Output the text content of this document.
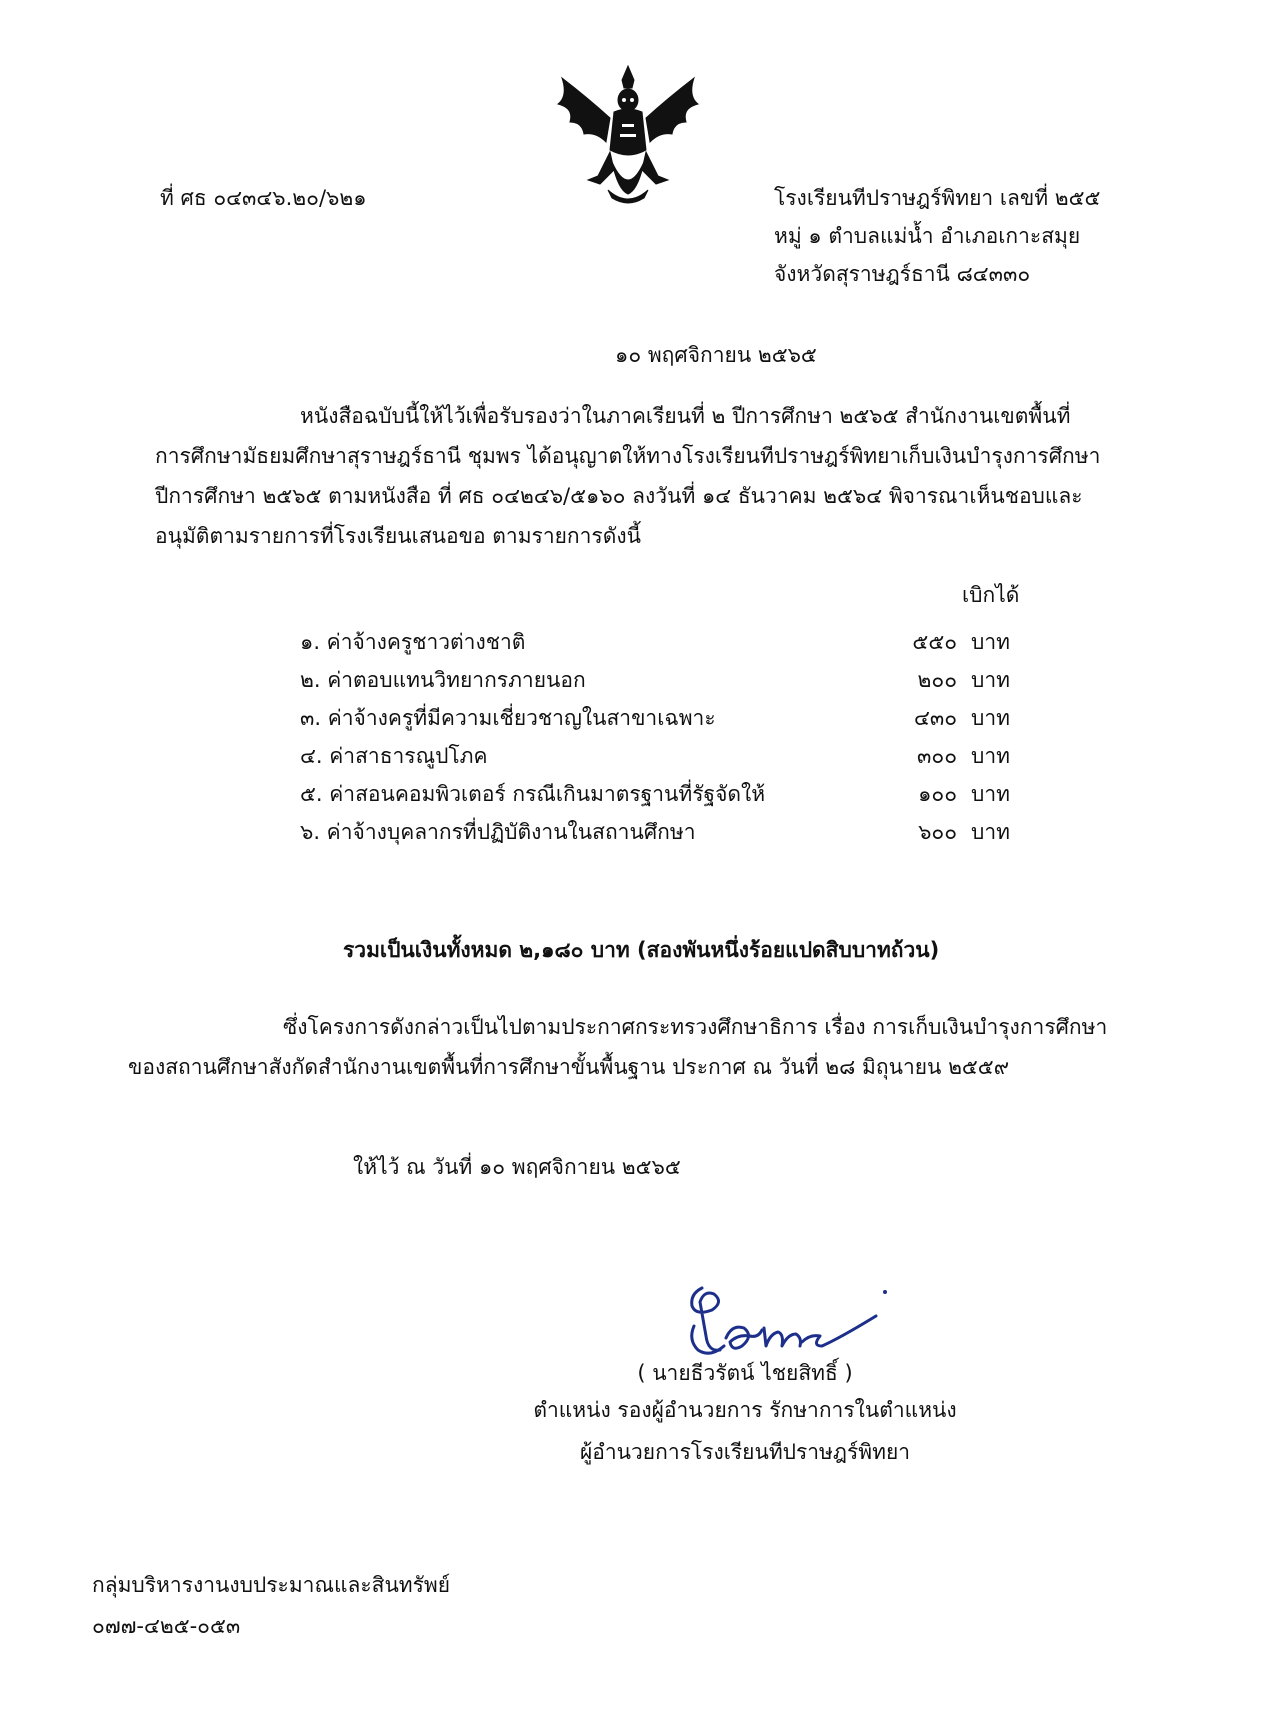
ที่ ศธ ๐๔๓๔๖.๒๐/๖๒๑	โรงเรียนทีปราษฎร์พิทยา เลขที่ ๒๕๕
หมู่ ๑ ตำบลแม่น้ำ อำเภอเกาะสมุย
จังหวัดสุราษฎร์ธานี ๘๔๓๓๐
๑๐ พฤศจิกายน ๒๕๖๕

หนังสือฉบับนี้ให้ไว้เพื่อรับรองว่าในภาคเรียนที่ ๒ ปีการศึกษา ๒๕๖๕ สำนักงานเขตพื้นที่

การศึกษามัธยมศึกษาสุราษฎร์ธานี ชุมพร ได้อนุญาตให้ทางโรงเรียนทีปราษฎร์พิทยาเก็บเงินบำรุงการศึกษา

ปีการศึกษา ๒๕๖๕ ตามหนังสือ ที่ ศธ ๐๔๒๔๖/๕๑๖๐ ลงวันที่ ๑๔ ธันวาคม ๒๕๖๔ พิจารณาเห็นชอบและ

อนุมัติตามรายการที่โรงเรียนเสนอขอ ตามรายการดังนี้

เบิกได้
๑. ค่าจ้างครูชาวต่างชาติ	๕๕๐ บาท
๒. ค่าตอบแทนวิทยากรภายนอก	๒๐๐ บาท
๓. ค่าจ้างครูที่มีความเชี่ยวชาญในสาขาเฉพาะ	๔๓๐ บาท
๔. ค่าสาธารณูปโภค	๓๐๐ บาท
๕. ค่าสอนคอมพิวเตอร์ กรณีเกินมาตรฐานที่รัฐจัดให้	๑๐๐ บาท
๖. ค่าจ้างบุคลากรที่ปฏิบัติงานในสถานศึกษา	๖๐๐ บาท
รวมเป็นเงินทั้งหมด ๒,๑๘๐ บาท (สองพันหนึ่งร้อยแปดสิบบาทถ้วน)
ซึ่งโครงการดังกล่าวเป็นไปตามประกาศกระทรวงศึกษาธิการ เรื่อง การเก็บเงินบำรุงการศึกษา
ของสถานศึกษาสังกัดสำนักงานเขตพื้นที่การศึกษาขั้นพื้นฐาน ประกาศ ณ วันที่ ๒๘ มิถุนายน ๒๕๕๙
ให้ไว้ ณ วันที่ ๑๐ พฤศจิกายน ๒๕๖๕
( นายธีวรัตน์ ไชยสิทธิ์ )
ตำแหน่ง รองผู้อำนวยการ รักษาการในตำแหน่ง
ผู้อำนวยการโรงเรียนทีปราษฎร์พิทยา
กลุ่มบริหารงานงบประมาณและสินทรัพย์
๐๗๗-๔๒๕-๐๕๓
